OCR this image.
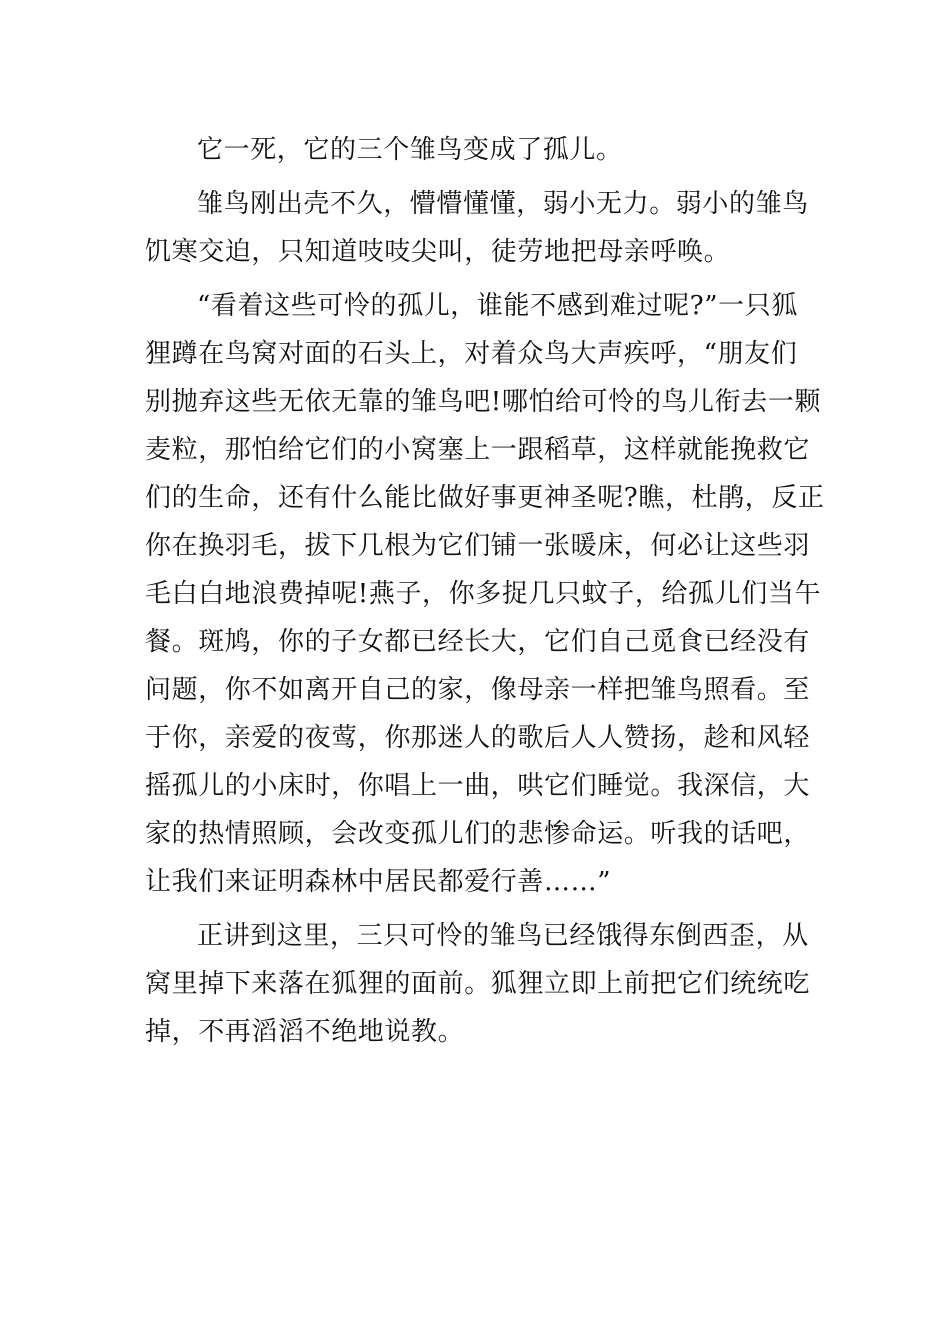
它一死，它的三个雏鸟变成了孤儿。
雏鸟刚出壳不久，懵懵懂懂，弱小无力。弱小的雏鸟
饥寒交迫，只知道吱吱尖叫，徒劳地把母亲呼唤。
“看着这些可怜的孤儿，谁能不感到难过呢?”一只狐
狸蹲在鸟窝对面的石头上，对着众鸟大声疾呼，“朋友们
别抛弃这些无依无靠的雏鸟吧!哪怕给可怜的鸟儿衔去一颗
麦粒，那怕给它们的小窝塞上一跟稻草，这样就能挽救它
们的生命，还有什么能比做好事更神圣呢?瞧，杜鹃，反正
你在换羽毛，拔下几根为它们铺一张暖床，何必让这些羽
毛白白地浪费掉呢!燕子，你多捉几只蚊子，给孤儿们当午
餐。斑鸠，你的子女都已经长大，它们自己觅食已经没有
问题，你不如离开自己的家，像母亲一样把雏鸟照看。至
于你，亲爱的夜莺，你那迷人的歌后人人赞扬，趁和风轻
摇孤儿的小床时，你唱上一曲，哄它们睡觉。我深信，大
家的热情照顾，会改变孤儿们的悲惨命运。听我的话吧，
让我们来证明森林中居民都爱行善……”
正讲到这里，三只可怜的雏鸟已经饿得东倒西歪，从
窝里掉下来落在狐狸的面前。狐狸立即上前把它们统统吃
掉，不再滔滔不绝地说教。
